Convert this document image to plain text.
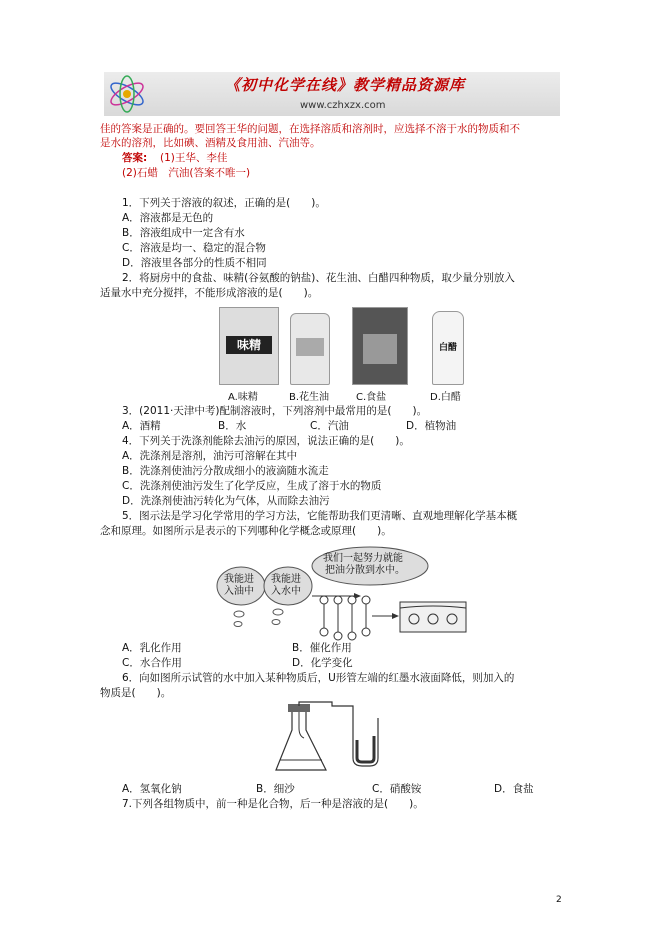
《初中化学在线》教学精品资源库
www.czhxzx.com
佳的答案是正确的。要回答王华的问题，在选择溶质和溶剂时，应选择不溶于水的物质和不
是水的溶剂，比如碘、酒精及食用油、汽油等。
答案: (1)王华、李佳
(2)石蜡　汽油(答案不唯一)
1．下列关于溶液的叙述，正确的是(　　)。
A．溶液都是无色的
B．溶液组成中一定含有水
C．溶液是均一、稳定的混合物
D．溶液里各部分的性质不相同
2．将厨房中的食盐、味精(谷氨酸的钠盐)、花生油、白醋四种物质，取少量分别放入
适量水中充分搅拌，不能形成溶液的是(　　)。
味精	白醋
A.味精	B.花生油	C.食盐	D.白醋
3．(2011·天津中考)配制溶液时，下列溶剂中最常用的是(　　)。
A．酒精	B．水	C．汽油	D．植物油
4．下列关于洗涤剂能除去油污的原因，说法正确的是(　　)。
A．洗涤剂是溶剂，油污可溶解在其中
B．洗涤剂使油污分散成细小的液滴随水流走
C．洗涤剂使油污发生了化学反应，生成了溶于水的物质
D．洗涤剂使油污转化为气体，从而除去油污
5．图示法是学习化学常用的学习方法，它能帮助我们更清晰、直观地理解化学基本概
念和原理。如图所示是表示的下列哪种化学概念或原理(　　)。
我能进
入油中
我能进
入水中
我们一起努力就能
把油分散到水中。
A．乳化作用	B．催化作用
C．水合作用	D．化学变化
6．向如图所示试管的水中加入某种物质后，U形管左端的红墨水液面降低，则加入的
物质是(　　)。
A．氢氧化钠	B．细沙	C．硝酸铵	D．食盐
7.下列各组物质中，前一种是化合物，后一种是溶液的是(　　)。
2
